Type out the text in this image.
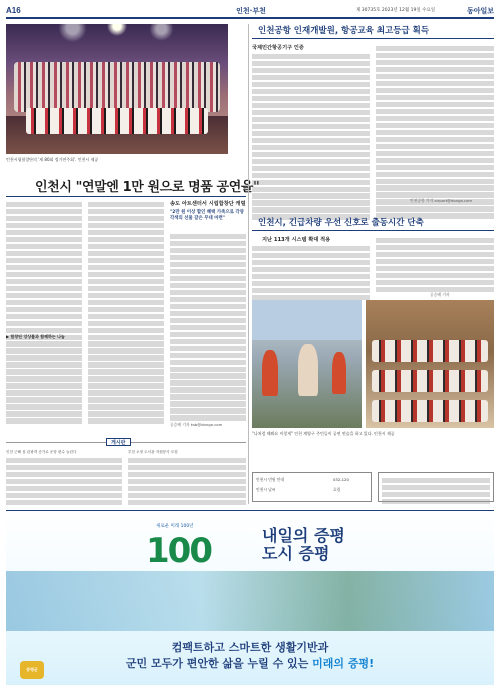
A16	인천·부천	제 30735호 2023년 12월 19일 수요일	동아일보
인천시립합창단의 '제 80회 정기연주회'. 인천시 제공
인천시 "연말엔 1만 원으로 명품 공연을"
▶ 합창단 앙상블과 함께하는 나눔
송도 아트센터서 시립합창단 캐럴
"2만 원 이상 할인 혜택 가족으로 각양각색의 선물 같은 무대 마련"
공승배 기자 ksb@donga.com
인천공항 인재개발원, 항공교육 최고등급 획득
국제민간항공기구 인증
인천공항 기자 airport@donga.com
인천시, 긴급차량 우선 신호로 출동시간 단축
지난 113개 시스템 확대 적용
공승배 기자
"나처럼 해봐요 이렇게" 인천 계양구 주민들이 공연 연습을 하고 있다. 인천시 제공
게시판
인천 근해 섬 관광객 증가로 운항 편수 늘린다	부천 오정 도서관 자원봉사 모집
인천시 민원 안내	032-120
인천시 날씨	흐림
새로운 미래 100년
100	내일의 증평
도시 증평
컴팩트하고 스마트한 생활기반과
군민 모두가 편안한 삶을 누릴 수 있는 미래의 증평!
증평군
